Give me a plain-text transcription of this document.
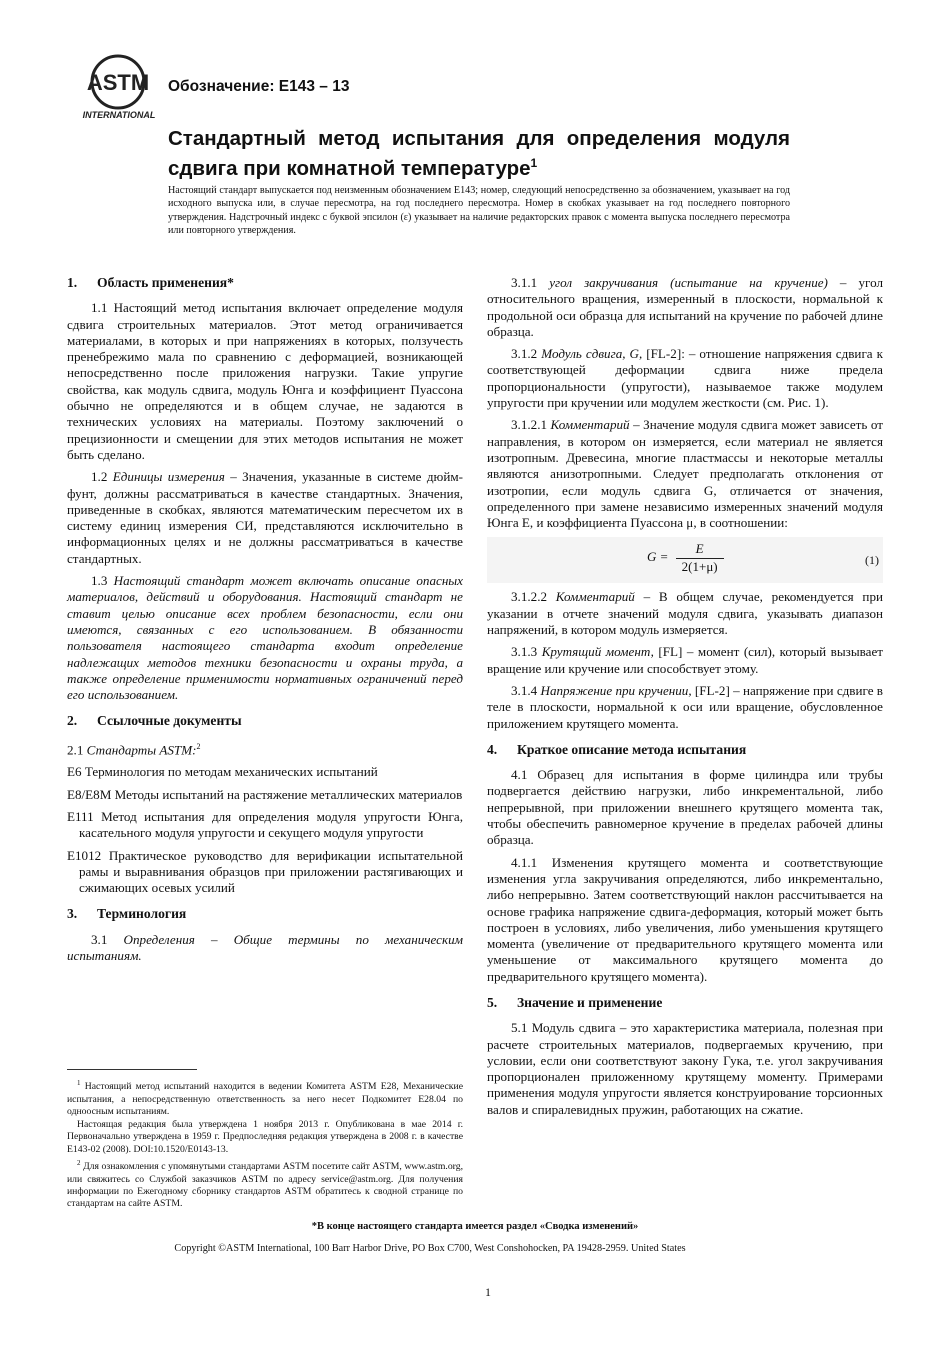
ASTM
INTERNATIONAL
Обозначение: E143 – 13
Стандартный метод испытания для определения модуля сдвига при комнатной температуре$^1$
Настоящий стандарт выпускается под неизменным обозначением E143; номер, следующий непосредственно за обозначением, указывает на год исходного выпуска или, в случае пересмотра, на год последнего пересмотра. Номер в скобках указывает на год последнего повторного утверждения. Надстрочный индекс с буквой эпсилон (ε) указывает на наличие редакторских правок с момента выпуска последнего пересмотра или повторного утверждения.
1. Область применения*

1.1 Настоящий метод испытания включает определение модуля сдвига строительных материалов. Этот метод ограничивается материалами, в которых и при напряжениях в которых, ползучесть пренебрежимо мала по сравнению с деформацией, возникающей непосредственно после приложения нагрузки. Такие упругие свойства, как модуль сдвига, модуль Юнга и коэффициент Пуассона обычно не определяются и в общем случае, не задаются в технических условиях на материалы. Поэтому заключений о прецизионности и смещении для этих методов испытания не может быть сделано.

1.2 Единицы измерения – Значения, указанные в системе дюйм-фунт, должны рассматриваться в качестве стандартных. Значения, приведенные в скобках, являются математическим пересчетом их в систему единиц измерения СИ, представляются исключительно в информационных целях и не должны рассматриваться в качестве стандартных.

1.3 Настоящий стандарт может включать описание опасных материалов, действий и оборудования. Настоящий стандарт не ставит целью описание всех проблем безопасности, если они имеются, связанных с его использованием. В обязанности пользователя настоящего стандарта входит определение надлежащих методов техники безопасности и охраны труда, а также определение применимости нормативных ограничений перед его использованием.

2. Ссылочные документы

2.1 Стандарты ASTM:$^2$

E6 Терминология по методам механических испытаний

E8/E8M Методы испытаний на растяжение металлических материалов

E111 Метод испытания для определения модуля упругости Юнга, касательного модуля упругости и секущего модуля упругости

E1012 Практическое руководство для верификации испытательной рамы и выравнивания образцов при приложении растягивающих и сжимающих осевых усилий

3. Терминология

3.1 Определения – Общие термины по механическим испытаниям.

3.1.1 угол закручивания (испытание на кручение) – угол относительного вращения, измеренный в плоскости, нормальной к продольной оси образца для испытаний на кручение по рабочей длине образца.

3.1.2 Модуль сдвига, G, [FL-2]: – отношение напряжения сдвига к соответствующей деформации сдвига ниже предела пропорциональности (упругости), называемое также модулем упругости при кручении или модулем жесткости (см. Рис. 1).

3.1.2.1 Комментарий – Значение модуля сдвига может зависеть от направления, в котором он измеряется, если материал не является изотропным. Древесина, многие пластмассы и некоторые металлы являются анизотропными. Следует предполагать отклонения от изотропии, если модуль сдвига G, отличается от значения, определенного при замене независимо измеренных значений модуля Юнга E, и коэффициента Пуассона μ, в соотношении:

$G = \frac{E}{2(1+\mu)}$	(1)

3.1.2.2 Комментарий – В общем случае, рекомендуется при указании в отчете значений модуля сдвига, указывать диапазон напряжений, в котором модуль измеряется.

3.1.3 Крутящий момент, [FL] – момент (сил), который вызывает вращение или кручение или способствует этому.

3.1.4 Напряжение при кручении, [FL-2] – напряжение при сдвиге в теле в плоскости, нормальной к оси или вращение, обусловленное приложением крутящего момента.

4. Краткое описание метода испытания

4.1 Образец для испытания в форме цилиндра или трубы подвергается действию нагрузки, либо инкрементальной, либо непрерывной, при приложении внешнего крутящего момента так, чтобы обеспечить равномерное кручение в пределах рабочей длины образца.

4.1.1 Изменения крутящего момента и соответствующие изменения угла закручивания определяются, либо инкрементально, либо непрерывно. Затем соответствующий наклон рассчитывается на основе графика напряжение сдвига-деформация, который может быть построен в условиях, либо увеличения, либо уменьшения крутящего момента (увеличение от предварительного крутящего момента или уменьшение от максимального крутящего момента до предварительного крутящего момента).

5. Значение и применение

5.1 Модуль сдвига – это характеристика материала, полезная при расчете строительных материалов, подвергаемых кручению, при условии, если они соответствуют закону Гука, т.е. угол закручивания пропорционален приложенному крутящему моменту. Примерами применения модуля упругости является конструирование торсионных валов и спиралевидных пружин, работающих на сжатие.

$^1$ Настоящий метод испытаний находится в ведении Комитета ASTM E28, Механические испытания, а непосредственную ответственность за него несет Подкомитет E28.04 по одноосным испытаниям.

Настоящая редакция была утверждена 1 ноября 2013 г. Опубликована в мае 2014 г. Первоначально утверждена в 1959 г. Предпоследняя редакция утверждена в 2008 г. в качестве E143-02 (2008). DOI:10.1520/E0143-13.

$^2$ Для ознакомления с упомянутыми стандартами ASTM посетите сайт ASTM, www.astm.org, или свяжитесь со Службой заказчиков ASTM по адресу service@astm.org. Для получения информации по Ежегодному сборнику стандартов ASTM обратитесь к сводной странице по стандартам на сайте ASTM.

*В конце настоящего стандарта имеется раздел «Сводка изменений»
Copyright ©ASTM International, 100 Barr Harbor Drive, PO Box C700, West Conshohocken, PA 19428-2959. United States
1
